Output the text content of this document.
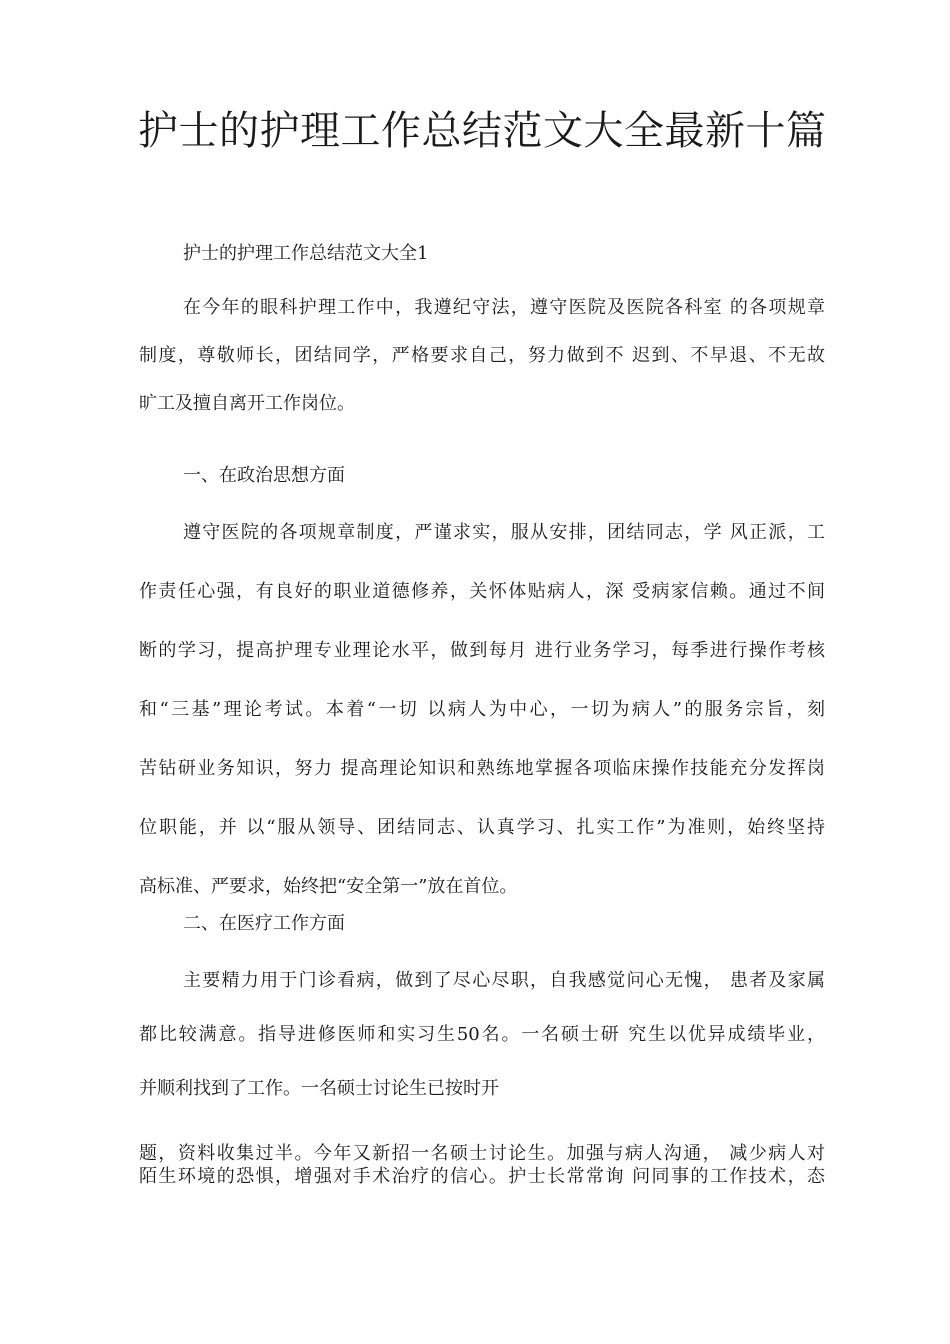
护士的护理工作总结范文大全最新十篇
护士的护理工作总结范文大全1
在今年的眼科护理工作中，我遵纪守法，遵守医院及医院各科室 的各项规章
制度，尊敬师长，团结同学，严格要求自己，努力做到不 迟到、不早退、不无故
旷工及擅自离开工作岗位。
一、在政治思想方面
遵守医院的各项规章制度，严谨求实，服从安排，团结同志，学 风正派，工
作责任心强，有良好的职业道德修养，关怀体贴病人，深 受病家信赖。通过不间
断的学习，提高护理专业理论水平，做到每月 进行业务学习，每季进行操作考核
和“三基”理论考试。本着“一切 以病人为中心，一切为病人”的服务宗旨，刻
苦钻研业务知识，努力 提高理论知识和熟练地掌握各项临床操作技能充分发挥岗
位职能，并 以“服从领导、团结同志、认真学习、扎实工作”为准则，始终坚持
高标准、严要求，始终把“安全第一”放在首位。
二、在医疗工作方面
主要精力用于门诊看病，做到了尽心尽职，自我感觉问心无愧， 患者及家属
都比较满意。指导进修医师和实习生50名。一名硕士研 究生以优异成绩毕业，
并顺利找到了工作。一名硕士讨论生已按时开
题，资料收集过半。今年又新招一名硕士讨论生。加强与病人沟通， 减少病人对
陌生环境的恐惧，增强对手术治疗的信心。护士长常常询 问同事的工作技术，态
